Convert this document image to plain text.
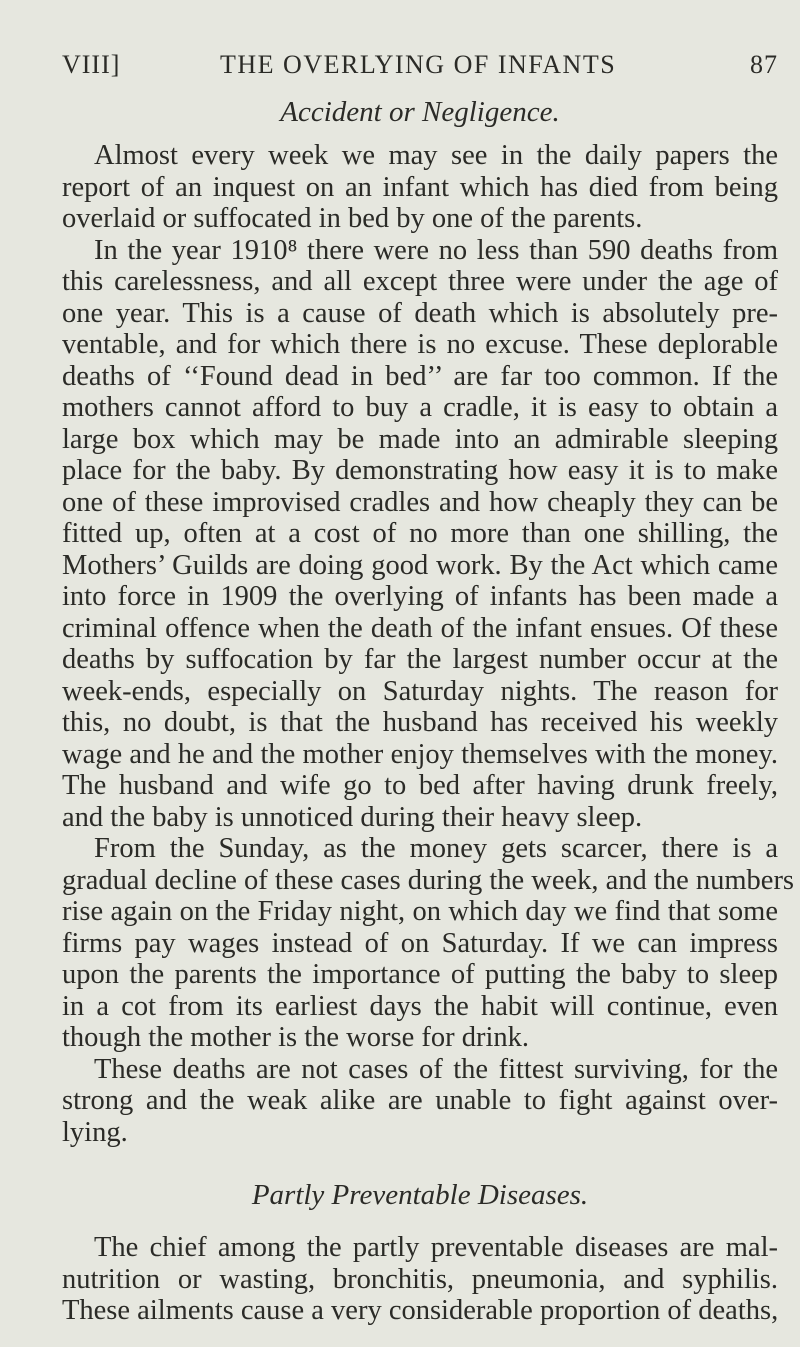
VIII]	THE OVERLYING OF INFANTS	87
Accident or Negligence.
Almost every week we may see in the daily papers the
report of an inquest on an infant which has died from being
overlaid or suffocated in bed by one of the parents.
In the year 1910⁸ there were no less than 590 deaths from
this carelessness, and all except three were under the age of
one year. This is a cause of death which is absolutely pre-
ventable, and for which there is no excuse. These deplorable
deaths of ‘‘Found dead in bed’’ are far too common. If the
mothers cannot afford to buy a cradle, it is easy to obtain a
large box which may be made into an admirable sleeping
place for the baby. By demonstrating how easy it is to make
one of these improvised cradles and how cheaply they can be
fitted up, often at a cost of no more than one shilling, the
Mothers’ Guilds are doing good work. By the Act which came
into force in 1909 the overlying of infants has been made a
criminal offence when the death of the infant ensues. Of these
deaths by suffocation by far the largest number occur at the
week-ends, especially on Saturday nights. The reason for
this, no doubt, is that the husband has received his weekly
wage and he and the mother enjoy themselves with the money.
The husband and wife go to bed after having drunk freely,
and the baby is unnoticed during their heavy sleep.
From the Sunday, as the money gets scarcer, there is a
gradual decline of these cases during the week, and the numbers
rise again on the Friday night, on which day we find that some
firms pay wages instead of on Saturday. If we can impress
upon the parents the importance of putting the baby to sleep
in a cot from its earliest days the habit will continue, even
though the mother is the worse for drink.
These deaths are not cases of the fittest surviving, for the
strong and the weak alike are unable to fight against over-
lying.
Partly Preventable Diseases.
The chief among the partly preventable diseases are mal-
nutrition or wasting, bronchitis, pneumonia, and syphilis.
These ailments cause a very considerable proportion of deaths,
